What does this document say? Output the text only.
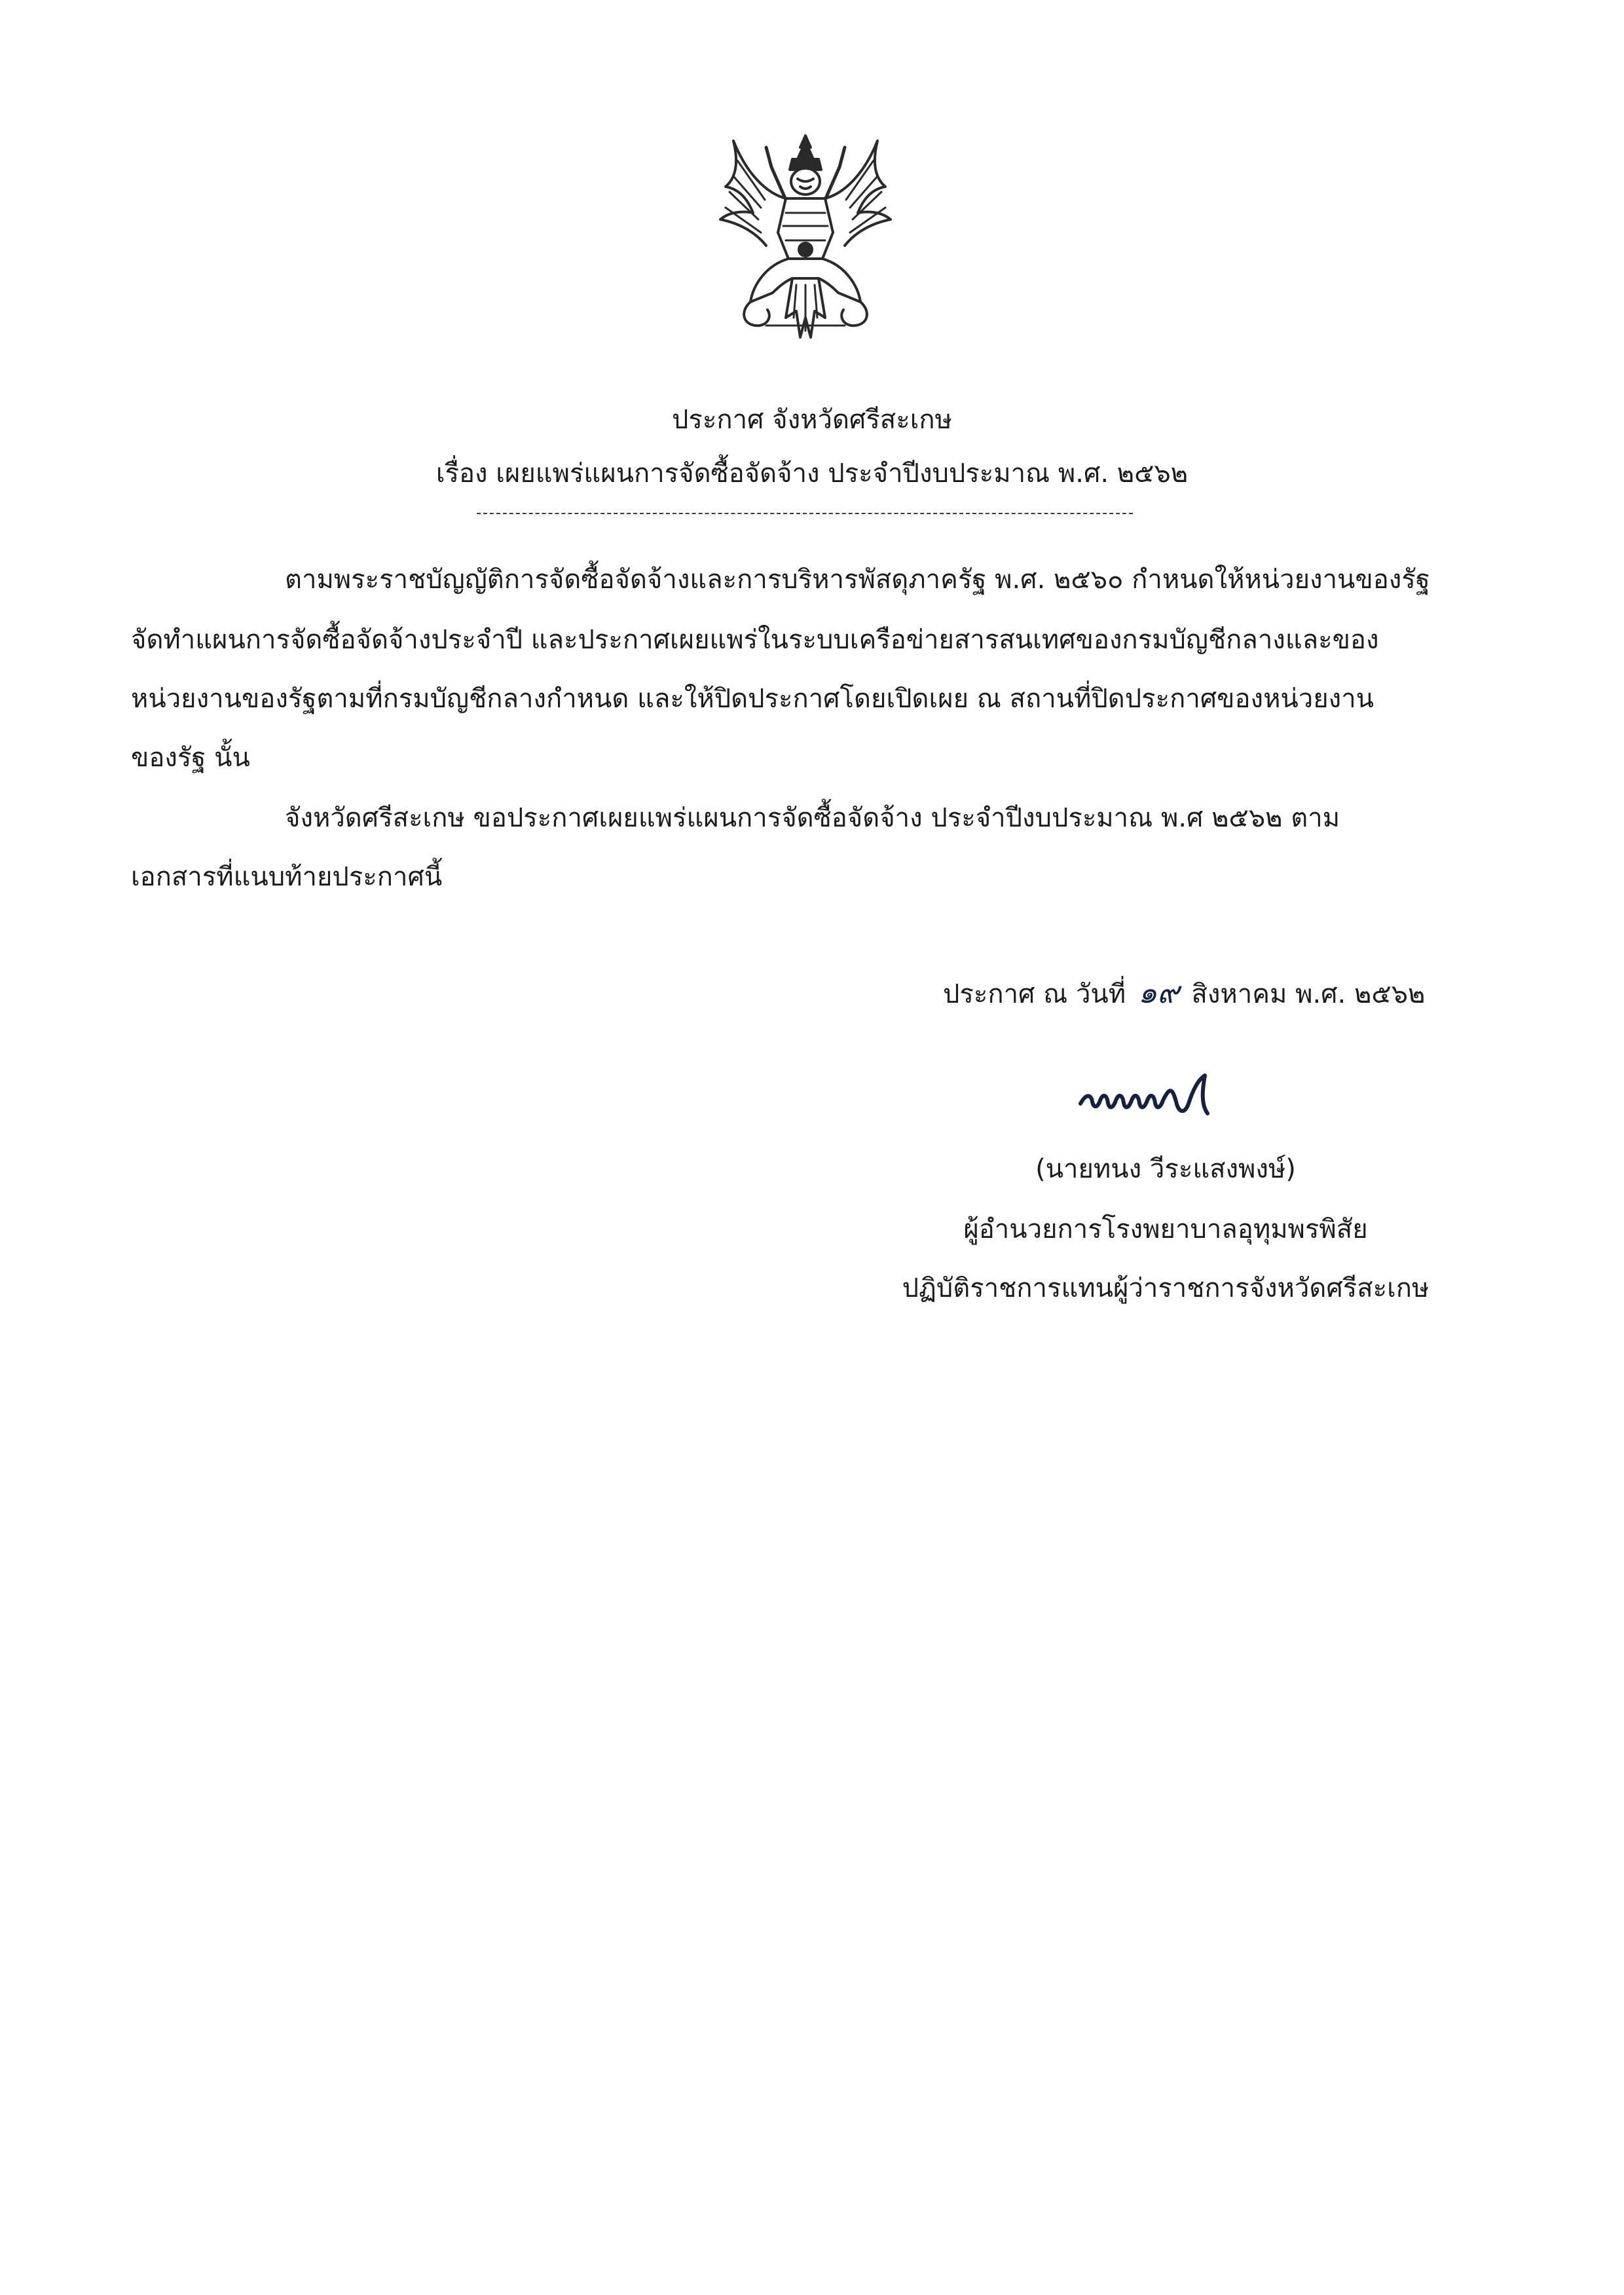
ประกาศ จังหวัดศรีสะเกษ
เรื่อง เผยแพร่แผนการจัดซื้อจัดจ้าง ประจำปีงบประมาณ พ.ศ. ๒๕๖๒
ตามพระราชบัญญัติการจัดซื้อจัดจ้างและการบริหารพัสดุภาครัฐ พ.ศ. ๒๕๖๐ กำหนดให้หน่วยงานของรัฐ
จัดทำแผนการจัดซื้อจัดจ้างประจำปี และประกาศเผยแพร่ในระบบเครือข่ายสารสนเทศของกรมบัญชีกลางและของ
หน่วยงานของรัฐตามที่กรมบัญชีกลางกำหนด และให้ปิดประกาศโดยเปิดเผย ณ สถานที่ปิดประกาศของหน่วยงาน
ของรัฐ นั้น
จังหวัดศรีสะเกษ ขอประกาศเผยแพร่แผนการจัดซื้อจัดจ้าง ประจำปีงบประมาณ พ.ศ ๒๕๖๒ ตาม
เอกสารที่แนบท้ายประกาศนี้
ประกาศ ณ วันที่ ๑๙ สิงหาคม พ.ศ. ๒๕๖๒
(นายทนง วีระแสงพงษ์)
ผู้อำนวยการโรงพยาบาลอุทุมพรพิสัย
ปฏิบัติราชการแทนผู้ว่าราชการจังหวัดศรีสะเกษ
